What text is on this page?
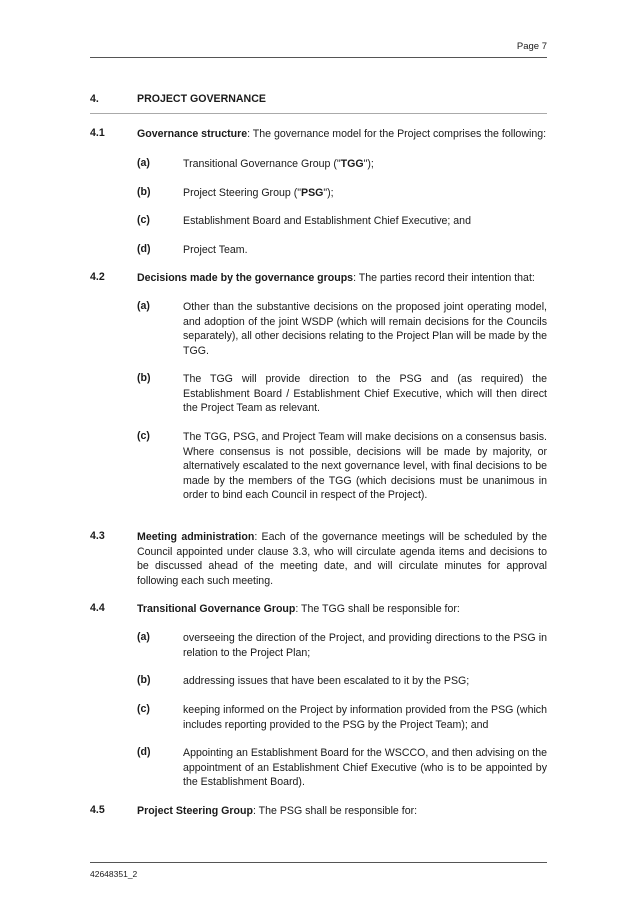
Page 7
4.	PROJECT GOVERNANCE
4.1	Governance structure: The governance model for the Project comprises the following:
(a)	Transitional Governance Group ("TGG");
(b)	Project Steering Group ("PSG");
(c)	Establishment Board and Establishment Chief Executive; and
(d)	Project Team.
4.2	Decisions made by the governance groups: The parties record their intention that:
(a)	Other than the substantive decisions on the proposed joint operating model, and adoption of the joint WSDP (which will remain decisions for the Councils separately), all other decisions relating to the Project Plan will be made by the TGG.
(b)	The TGG will provide direction to the PSG and (as required) the Establishment Board / Establishment Chief Executive, which will then direct the Project Team as relevant.
(c)	The TGG, PSG, and Project Team will make decisions on a consensus basis. Where consensus is not possible, decisions will be made by majority, or alternatively escalated to the next governance level, with final decisions to be made by the members of the TGG (which decisions must be unanimous in order to bind each Council in respect of the Project).
4.3	Meeting administration: Each of the governance meetings will be scheduled by the Council appointed under clause 3.3, who will circulate agenda items and decisions to be discussed ahead of the meeting date, and will circulate minutes for approval following each such meeting.
4.4	Transitional Governance Group: The TGG shall be responsible for:
(a)	overseeing the direction of the Project, and providing directions to the PSG in relation to the Project Plan;
(b)	addressing issues that have been escalated to it by the PSG;
(c)	keeping informed on the Project by information provided from the PSG (which includes reporting provided to the PSG by the Project Team); and
(d)	Appointing an Establishment Board for the WSCCO, and then advising on the appointment of an Establishment Chief Executive (who is to be appointed by the Establishment Board).
4.5	Project Steering Group: The PSG shall be responsible for:
42648351_2
